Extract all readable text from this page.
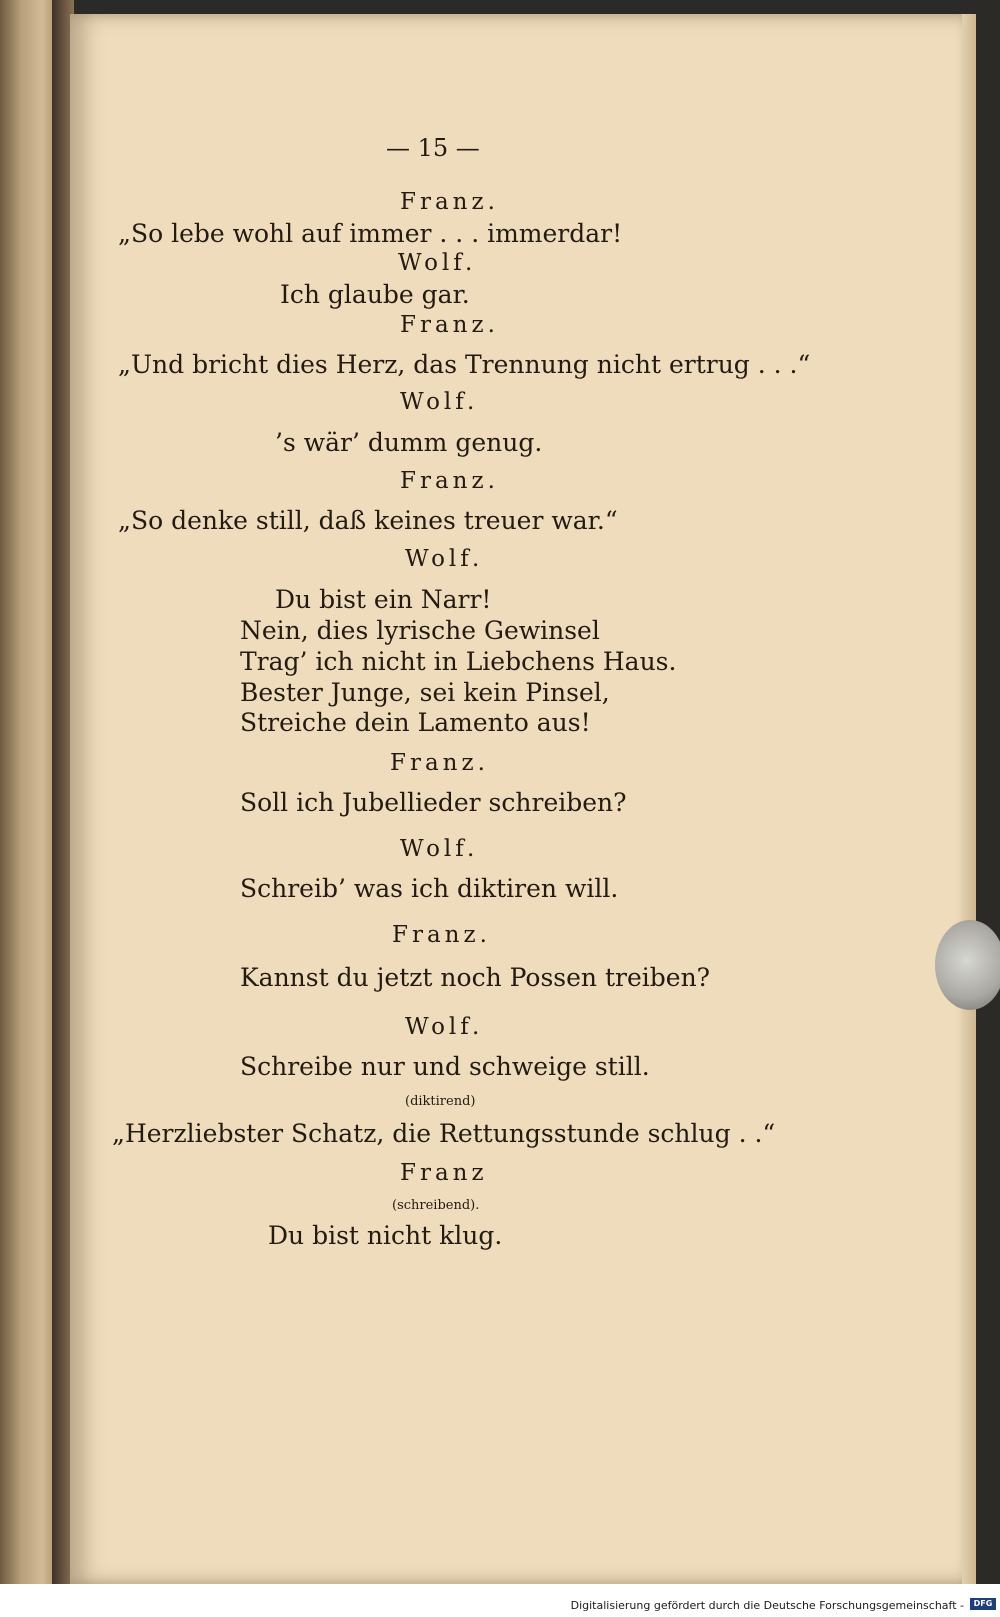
— 15 —
Franz.
„So lebe wohl auf immer . . . immerdar!
Wolf.
Ich glaube gar.
Franz.
„Und bricht dies Herz, das Trennung nicht ertrug . . .“
Wolf.
’s wär’ dumm genug.
Franz.
„So denke still, daß keines treuer war.“
Wolf.
Du bist ein Narr!
Nein, dies lyrische Gewinsel
Trag’ ich nicht in Liebchens Haus.
Bester Junge, sei kein Pinsel,
Streiche dein Lamento aus!
Franz.
Soll ich Jubellieder schreiben?
Wolf.
Schreib’ was ich diktiren will.
Franz.
Kannst du jetzt noch Possen treiben?
Wolf.
Schreibe nur und schweige still.
(diktirend)
„Herzliebster Schatz, die Rettungsstunde schlug . .“
Franz
(schreibend).
Du bist nicht klug.
Digitalisierung gefördert durch die Deutsche Forschungsgemeinschaft -	DFG
